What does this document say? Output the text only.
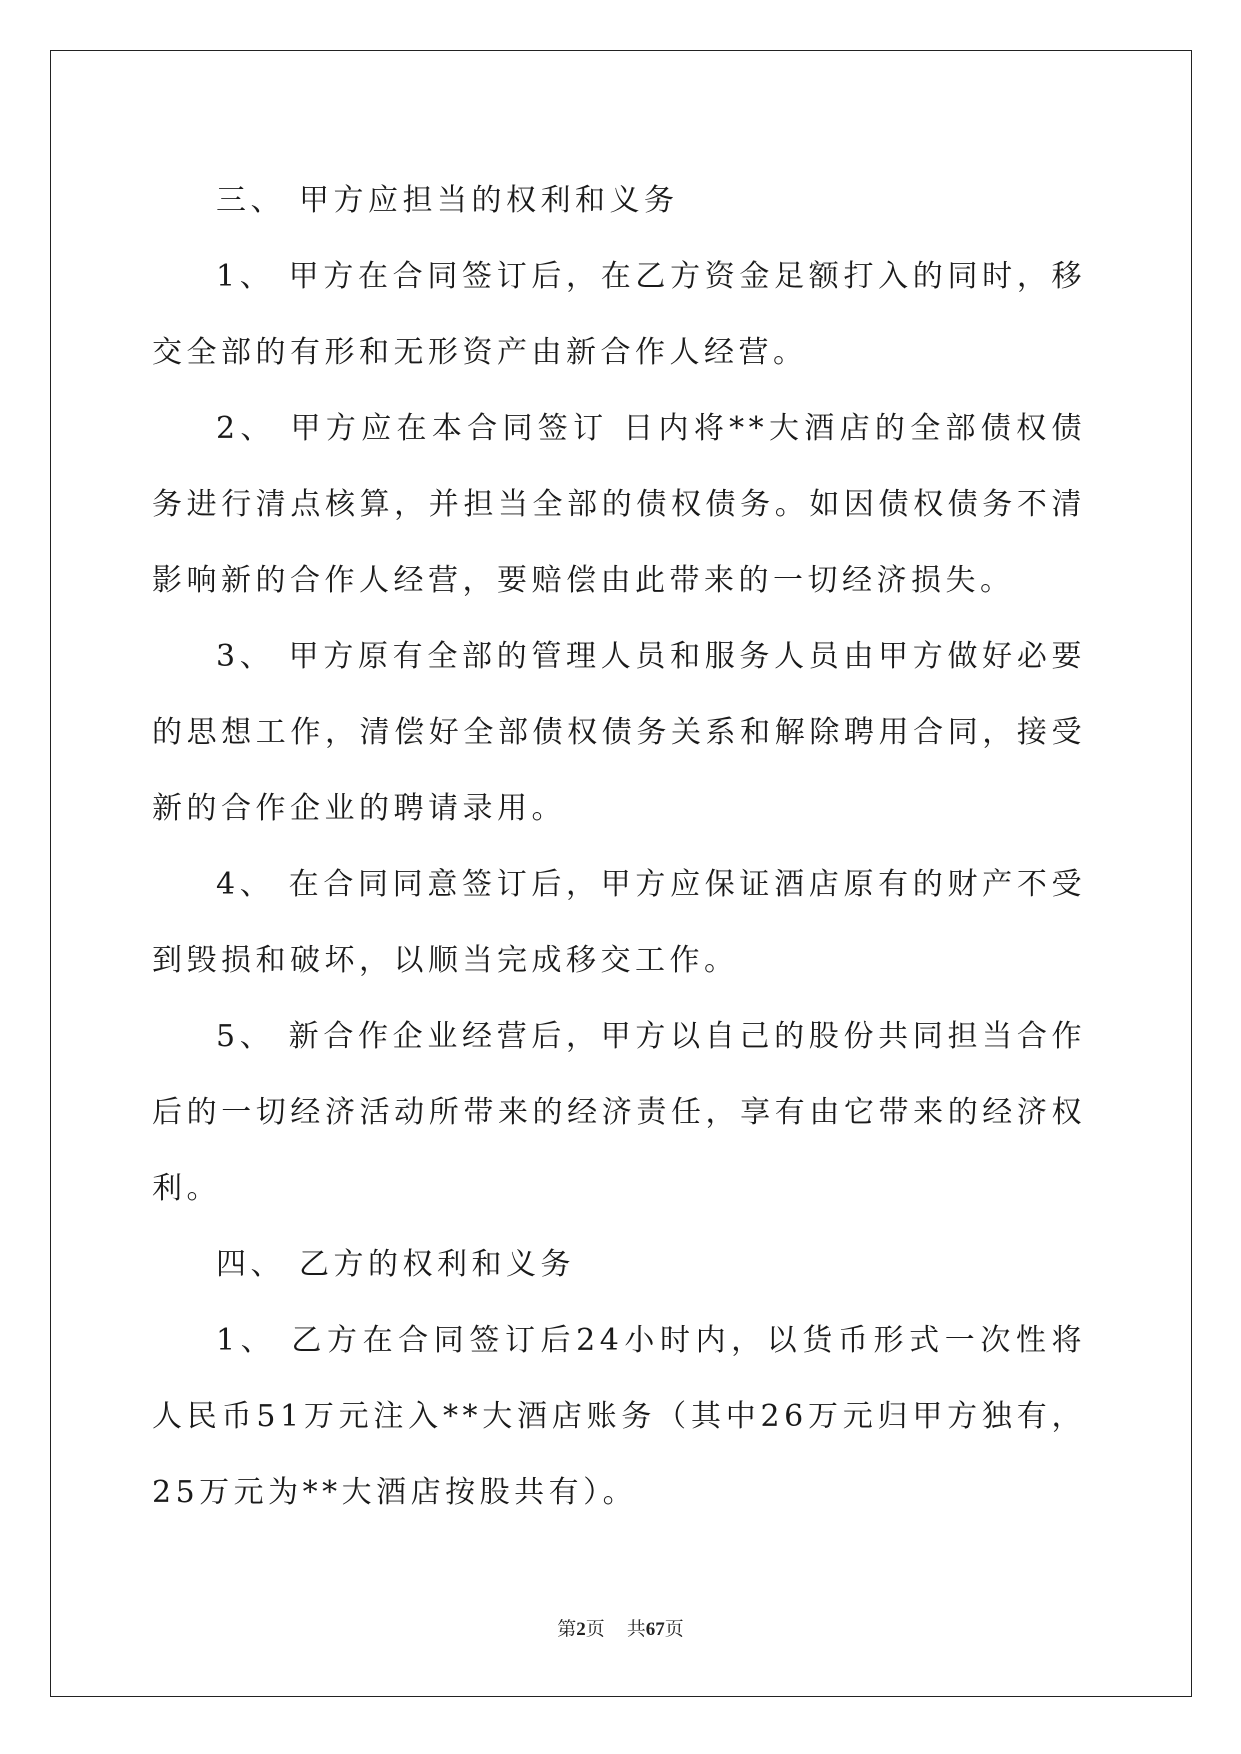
三、 甲方应担当的权利和义务

1、 甲方在合同签订后，在乙方资金足额打入的同时，移交全部的有形和无形资产由新合作人经营。

2、 甲方应在本合同签订 日内将**大酒店的全部债权债务进行清点核算，并担当全部的债权债务。如因债权债务不清影响新的合作人经营，要赔偿由此带来的一切经济损失。

3、 甲方原有全部的管理人员和服务人员由甲方做好必要的思想工作，清偿好全部债权债务关系和解除聘用合同，接受新的合作企业的聘请录用。

4、 在合同同意签订后，甲方应保证酒店原有的财产不受到毁损和破坏，以顺当完成移交工作。

5、 新合作企业经营后，甲方以自己的股份共同担当合作后的一切经济活动所带来的经济责任，享有由它带来的经济权利。

四、 乙方的权利和义务

1、 乙方在合同签订后24小时内，以货币形式一次性将人民币51万元注入**大酒店账务（其中26万元归甲方独有，25万元为**大酒店按股共有）。

第2页 共67页
